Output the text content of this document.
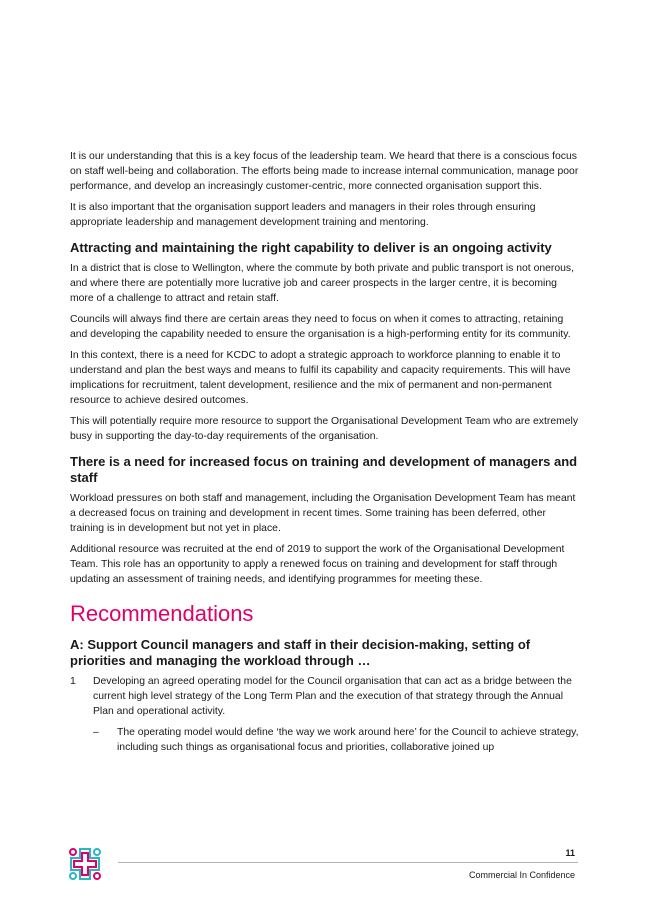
It is our understanding that this is a key focus of the leadership team. We heard that there is a conscious focus on staff well-being and collaboration. The efforts being made to increase internal communication, manage poor performance, and develop an increasingly customer-centric, more connected organisation support this.

It is also important that the organisation support leaders and managers in their roles through ensuring appropriate leadership and management development training and mentoring.

Attracting and maintaining the right capability to deliver is an ongoing activity

In a district that is close to Wellington, where the commute by both private and public transport is not onerous, and where there are potentially more lucrative job and career prospects in the larger centre, it is becoming more of a challenge to attract and retain staff.

Councils will always find there are certain areas they need to focus on when it comes to attracting, retaining and developing the capability needed to ensure the organisation is a high-performing entity for its community.

In this context, there is a need for KCDC to adopt a strategic approach to workforce planning to enable it to understand and plan the best ways and means to fulfil its capability and capacity requirements. This will have implications for recruitment, talent development, resilience and the mix of permanent and non-permanent resource to achieve desired outcomes.

This will potentially require more resource to support the Organisational Development Team who are extremely busy in supporting the day-to-day requirements of the organisation.

There is a need for increased focus on training and development of managers and staff

Workload pressures on both staff and management, including the Organisation Development Team has meant a decreased focus on training and development in recent times. Some training has been deferred, other training is in development but not yet in place.

Additional resource was recruited at the end of 2019 to support the work of the Organisational Development Team. This role has an opportunity to apply a renewed focus on training and development for staff through updating an assessment of training needs, and identifying programmes for meeting these.

Recommendations
A: Support Council managers and staff in their decision-making, setting of priorities and managing the workload through …
1	Developing an agreed operating model for the Council organisation that can act as a bridge between the current high level strategy of the Long Term Plan and the execution of that strategy through the Annual Plan and operational activity.
–	The operating model would define ‘the way we work around here’ for the Council to achieve strategy, including such things as organisational focus and priorities, collaborative joined up
11
Commercial In Confidence
